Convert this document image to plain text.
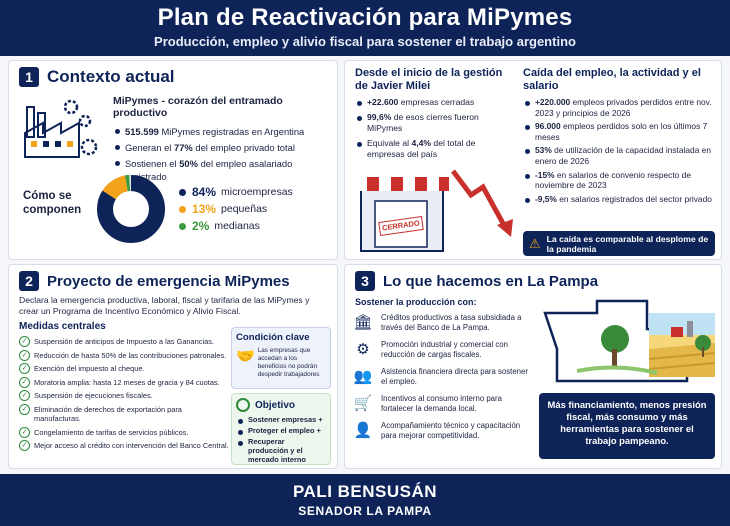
Plan de Reactivación para MiPymes
Producción, empleo y alivio fiscal para sostener el trabajo argentino
1 Contexto actual
MiPymes - corazón del entramado productivo
515.599 MiPymes registradas en Argentina
Generan el 77% del empleo privado total
Sostienen el 50% del empleo asalariado registrado
Cómo se componen
84% microempresas
13% pequeñas
2% medianas
Desde el inicio de la gestión de Javier Milei
+22.600 empresas cerradas
99,6% de esos cierres fueron MiPymes
Equivale al 4,4% del total de empresas del país
CERRADO
Caída del empleo, la actividad y el salario
+220.000 empleos privados perdidos entre nov. 2023 y principios de 2026
96.000 empleos perdidos solo en los últimos 7 meses
53% de utilización de la capacidad instalada en enero de 2026
-15% en salarios de convenio respecto de noviembre de 2023
-9,5% en salarios registrados del sector privado
⚠ La caída es comparable al desplome de la pandemia
2 Proyecto de emergencia MiPymes
Declara la emergencia productiva, laboral, fiscal y tarifaria de las MiPymes y crear un Programa de Incentivo Económico y Alivio Fiscal.
Medidas centrales
✓ Suspensión de anticipos de Impuesto a las Ganancias.
✓ Reducción de hasta 50% de las contribuciones patronales.
✓ Exención del impuesto al cheque.
✓ Moratoria amplia: hasta 12 meses de gracia y 84 cuotas.
✓ Suspensión de ejecuciones fiscales.
✓ Eliminación de derechos de exportación para manufacturas.
✓ Congelamiento de tarifas de servicios públicos.
✓ Mejor acceso al crédito con intervención del Banco Central.
Condición clave
🤝 Las empresas que accedan a los beneficios no podrán despedir trabajadores
Objetivo
Sostener empresas +
Proteger el empleo +
Recuperar producción y el mercado interno
3 Lo que hacemos en La Pampa
Sostener la producción con:
🏛 Créditos productivos a tasa subsidiada a través del Banco de La Pampa.
⚙	Promoción industrial y comercial con reducción de cargas fiscales.
👥 Asistencia financiera directa para sostener el empleo.
🛒 Incentivos al consumo interno para fortalecer la demanda local.
👤 Acompañamiento técnico y capacitación para mejorar competitividad.
Más financiamiento, menos presión fiscal, más consumo y más herramientas para sostener el trabajo pampeano.
PALI BENSUSÁN
SENADOR LA PAMPA
